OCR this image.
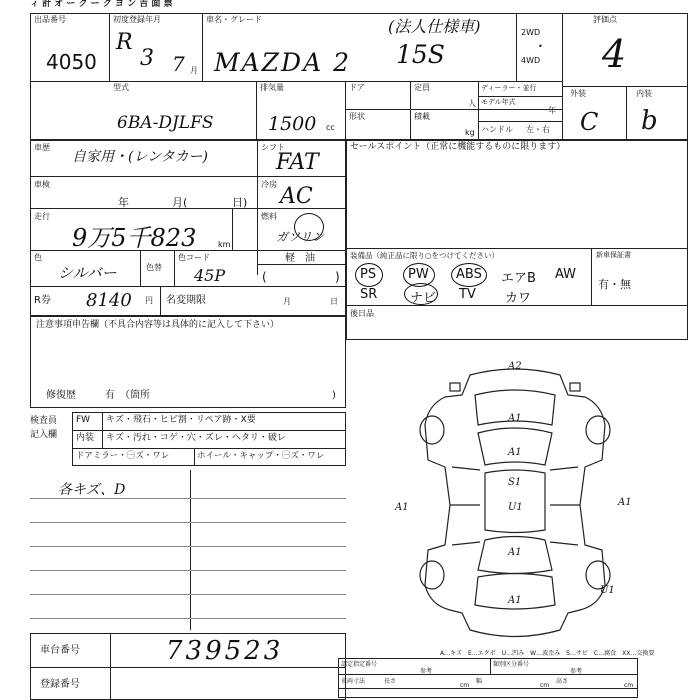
ィ 計 オ ー ク ー ク ヨ ン 吉 面 票
出品番号
4050
初度登録年月
R
3 7 月
車名・グレード
MAZDA 2
(法人仕様車)
15S
2WD
•
4WD
評価点
4
外装	内装
C b
型式
6BA-DJLFS
排気量
1500 cc
ドア	定員
人
ディーラー・並行
モデル年式
年
形状	積載
kg ハンドル 左・右
車歴
自家用・(レンタカー)
シフト
FAT
車検
年	月(	日)
冷房 AC
走行
9万5千823	km
燃料
ガソリン
軽　油
(	)
色
シルバー	色替
色コード
45P
R券 8140 円 名変期限	月	日
セールスポイント（正常に機能するものに限ります）
装備品（純正品に限り○をつけてください）	新車保証書
有・無
PS PW ABS エアB AW
SR	ナビ TV カワ
後日品
注意事項申告欄（不具合内容等は具体的に記入して下さい）
修復歴	有　（箇所	)
検査員
記入欄
FW キズ・飛石・ヒビ割・リペア跡・X要
内装 キズ・汚れ・コゲ・穴・ズレ・ヘタリ・破レ
ドアミラー・㊀ズ・ワレ	ホイール・キャップ・㊀ズ・ワレ
各キズ、D
A2
A1
A1
S1
U1
A1	A1
A1
U1
A1
A…キズ　E…エクボ　U…凹み　W…波歪み　S…サビ　C…腐食　XX…交換要
車台番号	739523
登録番号
認定指定番号	類別区分番号
参考	参考
車両寸法	長さ
cm
幅
cm
高さ
cm
